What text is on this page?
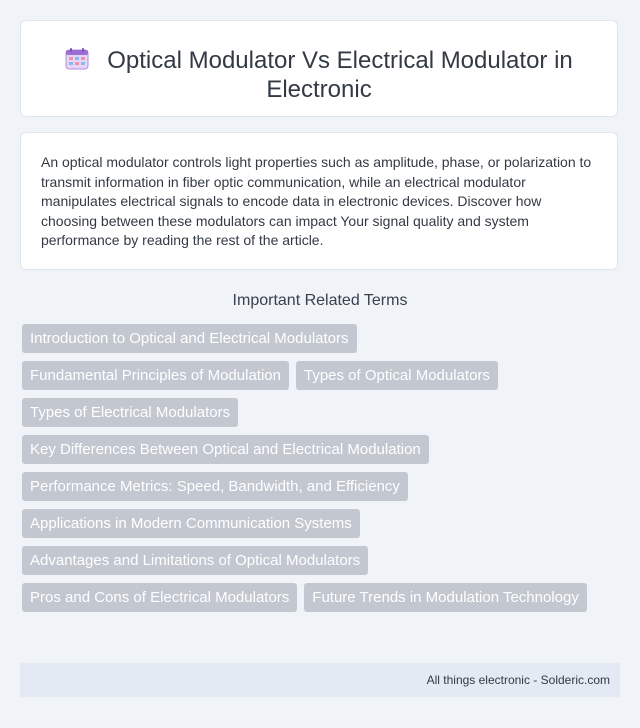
Optical Modulator Vs Electrical Modulator in Electronic

An optical modulator controls light properties such as amplitude, phase, or polarization to transmit information in fiber optic communication, while an electrical modulator manipulates electrical signals to encode data in electronic devices. Discover how choosing between these modulators can impact Your signal quality and system performance by reading the rest of the article.

Important Related Terms
Introduction to Optical and Electrical Modulators
Fundamental Principles of Modulation	Types of Optical Modulators
Types of Electrical Modulators
Key Differences Between Optical and Electrical Modulation
Performance Metrics: Speed, Bandwidth, and Efficiency
Applications in Modern Communication Systems
Advantages and Limitations of Optical Modulators
Pros and Cons of Electrical Modulators	Future Trends in Modulation Technology
All things electronic - Solderic.com
